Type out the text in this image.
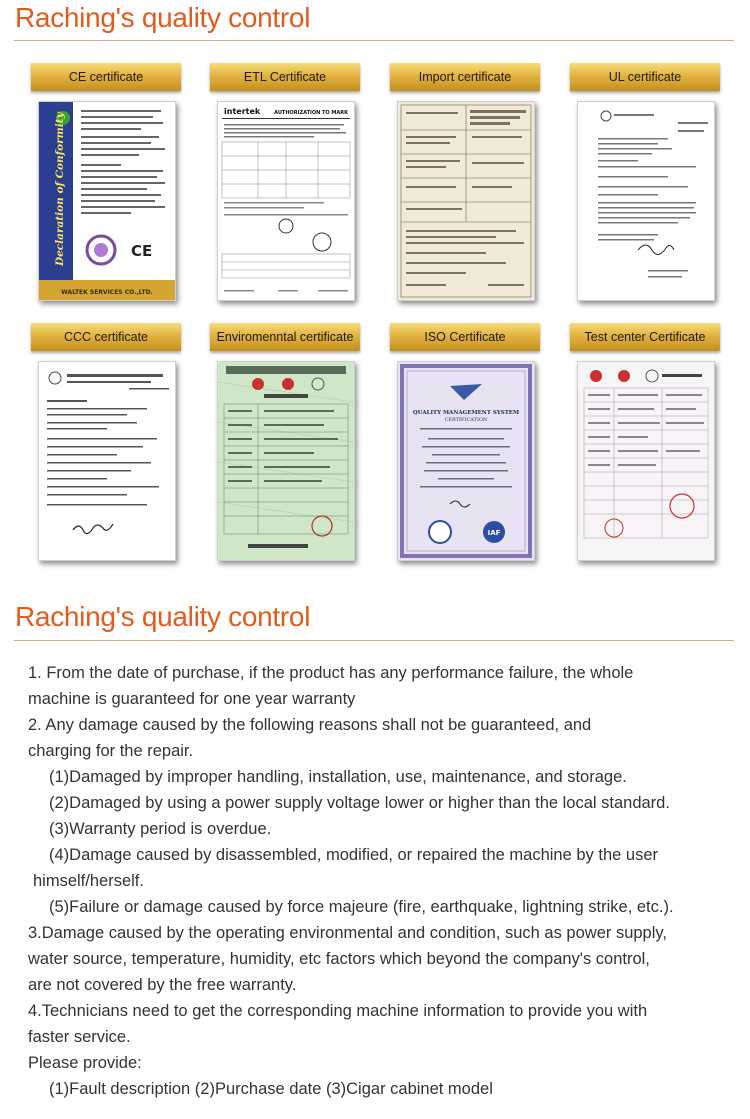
Raching's quality control
CE certificate
Declaration of Conformity	CE
WALTEK SERVICES CO.,LTD.
ETL Certificate
intertek	AUTHORIZATION TO MARK
Import certificate	UL certificate
CCC certificate	Enviromenntal certificate	ISO Certificate
QUALITY MANAGEMENT SYSTEM
CERTIFICATION
IAF
Test center Certificate
Raching's quality control
1. From the date of purchase, if the product has any performance failure, the whole
machine is guaranteed for one year warranty
2. Any damage caused by the following reasons shall not be guaranteed, and
charging for the repair.
(1)Damaged by improper handling, installation, use, maintenance, and storage.
(2)Damaged by using a power supply voltage lower or higher than the local standard.
(3)Warranty period is overdue.
(4)Damage caused by disassembled, modified, or repaired the machine by the user
himself/herself.
(5)Failure or damage caused by force majeure (fire, earthquake, lightning strike, etc.).
3.Damage caused by the operating environmental and condition, such as power supply,
water source, temperature, humidity, etc factors which beyond the company's control,
are not covered by the free warranty.
4.Technicians need to get the corresponding machine information to provide you with
faster service.
Please provide:
(1)Fault description (2)Purchase date (3)Cigar cabinet model
